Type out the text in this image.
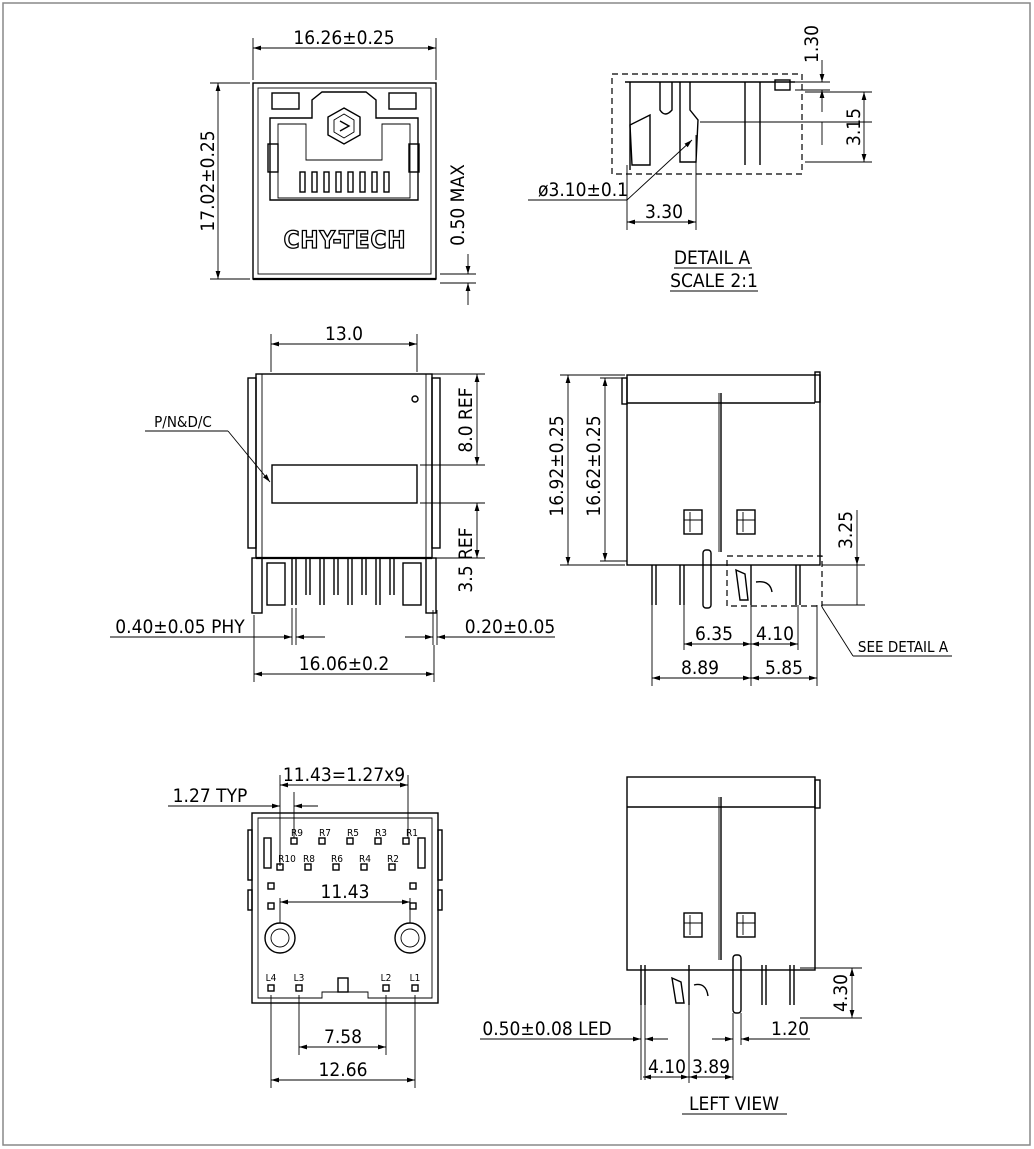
CHY-TECH
16.26±0.25
17.02±0.25	0.50 MAX	3.30
ø3.10±0.1
1.30
3.15
DETAIL A
SCALE 2:1
13.0
P/N&D/C	8.0 REF
3.5 REF
0.40±0.05 PHY	0.20±0.05
16.06±0.2
16.92±0.25 16.62±0.25
3.25
6.35 4.10
8.89 5.85
SEE DETAIL A
R9 R7 R5 R3 R1
R10 R8 R6 R4 R2
L4 L3	L2 L1
11.43=1.27x9
1.27 TYP
11.43
7.58
12.66
4.30
0.50±0.08 LED	1.20
4.10 3.89
LEFT VIEW
